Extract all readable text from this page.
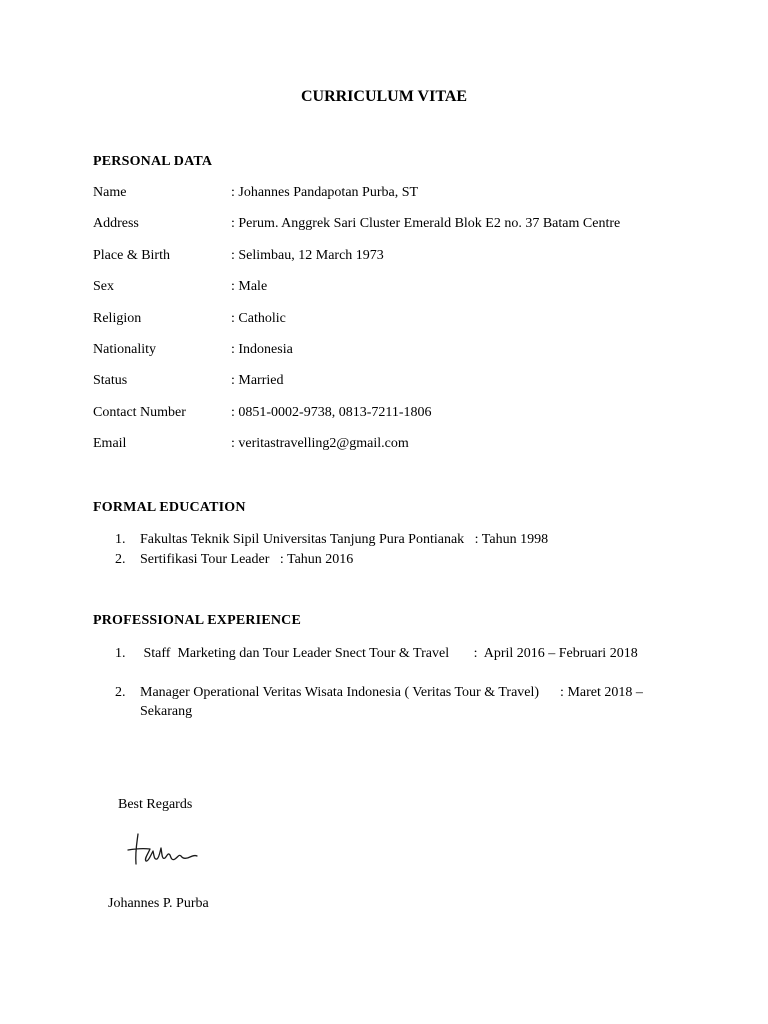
CURRICULUM VITAE
PERSONAL DATA
Name	: Johannes Pandapotan Purba, ST
Address	: Perum. Anggrek Sari Cluster Emerald Blok E2 no. 37 Batam Centre
Place & Birth	: Selimbau, 12 March 1973
Sex	: Male
Religion	: Catholic
Nationality	: Indonesia
Status	: Married
Contact Number	: 0851-0002-9738, 0813-7211-1806
Email	: veritastravelling2@gmail.com
FORMAL EDUCATION
1. Fakultas Teknik Sipil Universitas Tanjung Pura Pontianak   : Tahun 1998
2. Sertifikasi Tour Leader   : Tahun 2016
PROFESSIONAL EXPERIENCE
1. Staff  Marketing dan Tour Leader Snect Tour & Travel       :  April 2016 – Februari 2018
2. Manager Operational Veritas Wisata Indonesia ( Veritas Tour & Travel)      : Maret 2018 – Sekarang
Best Regards
Johannes P. Purba
